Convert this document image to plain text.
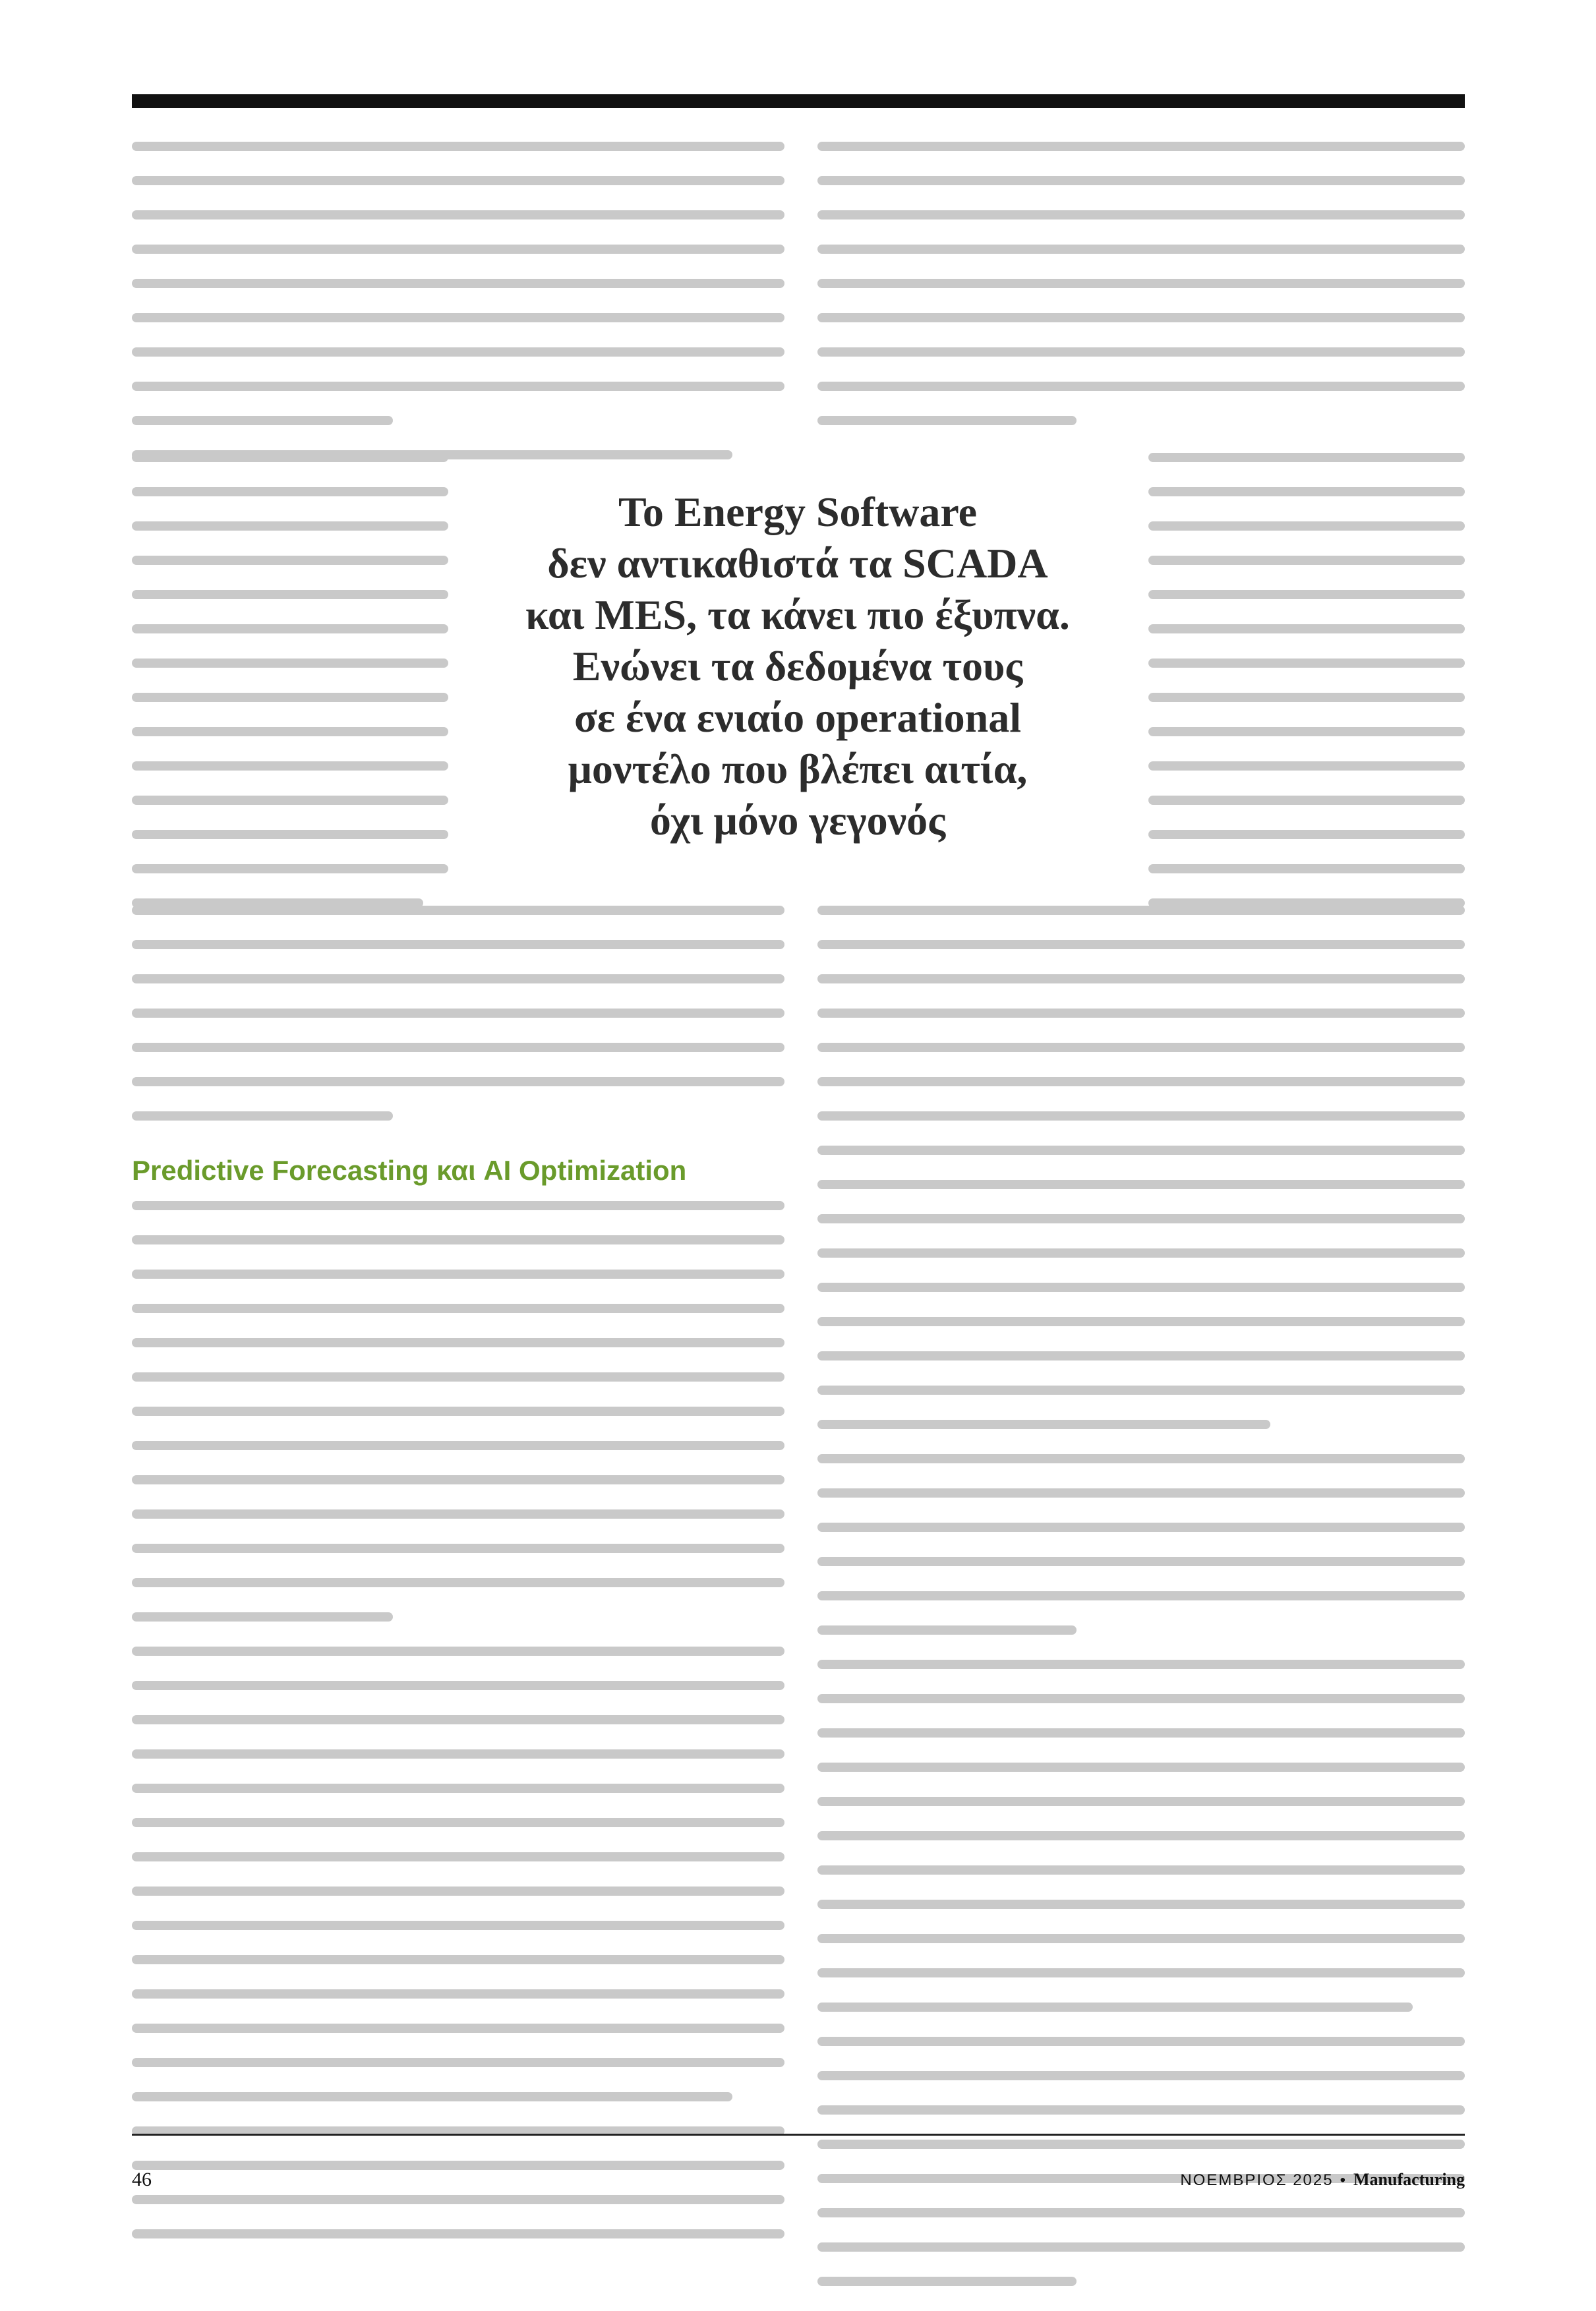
Το Energy Software
δεν αντικαθιστά τα SCADA
και MES, τα κάνει πιο έξυπνα.
Ενώνει τα δεδομένα τους
σε ένα ενιαίο operational
μοντέλο που βλέπει αιτία,
όχι μόνο γεγονός
Predictive Forecasting και AI Optimization
46	ΝΟΕΜΒΡΙΟΣ 2025 • Manufacturing
